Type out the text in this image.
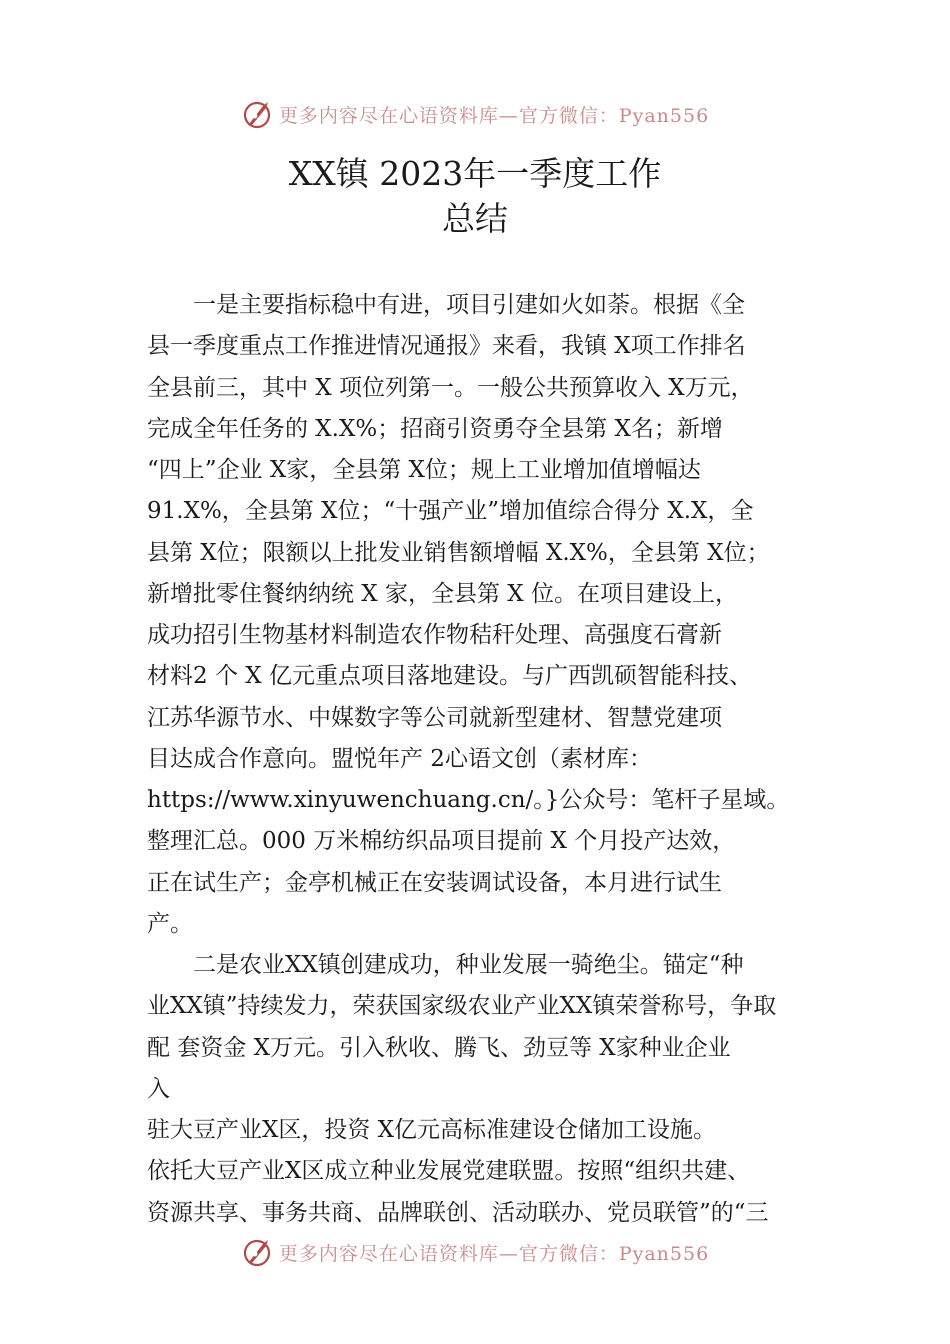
更多内容尽在心语资料库—官方微信：Pyan556
XX镇 2023年一季度工作
总结
　　一是主要指标稳中有进，项目引建如火如荼。根据《全
县一季度重点工作推进情况通报》来看，我镇 X项工作排名
全县前三，其中 X 项位列第一。一般公共预算收入 X万元，
完成全年任务的 X.X%；招商引资勇夺全县第 X名；新增
“四上”企业 X家，全县第 X位；规上工业增加值增幅达
91.X%，全县第 X位；“十强产业”增加值综合得分 X.X，全
县第 X位；限额以上批发业销售额增幅 X.X%，全县第 X位；
新增批零住餐纳纳统 X 家，全县第 X 位。在项目建设上，
成功招引生物基材料制造农作物秸秆处理、高强度石膏新
材料2 个 X 亿元重点项目落地建设。与广西凯硕智能科技、
江苏华源节水、中媒数字等公司就新型建材、智慧党建项
目达成合作意向。盟悦年产 2心语文创（素材库：
https://www.xinyuwenchuang.cn/。}公众号：笔杆子星域。
整理汇总。000 万米棉纺织品项目提前 X 个月投产达效，
正在试生产；金亭机械正在安装调试设备，本月进行试生
产。
　　二是农业XX镇创建成功，种业发展一骑绝尘。锚定“种
业XX镇”持续发力，荣获国家级农业产业XX镇荣誉称号，争取
配 套资金 X万元。引入秋收、腾飞、劲豆等 X家种业企业
入
驻大豆产业X区，投资 X亿元高标准建设仓储加工设施。
依托大豆产业X区成立种业发展党建联盟。按照“组织共建、
资源共享、事务共商、品牌联创、活动联办、党员联管”的“三
更多内容尽在心语资料库—官方微信：Pyan556
